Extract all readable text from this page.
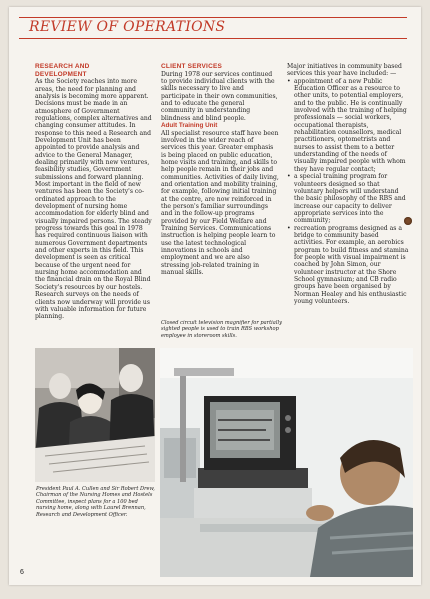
REVIEW OF OPERATIONS

RESEARCH AND

DEVELOPMENT

As the Society reaches into more areas, the need for planning and analysis is becoming more apparent. Decisions must be made in an atmosphere of Government regulations, complex alternatives and changing consumer attitudes. In response to this need a Research and Development Unit has been appointed to provide analysis and advice to the General Manager, dealing primarily with new ventures, feasibility studies, Government submissions and forward planning.

Most important in the field of new ventures has been the Society's co-ordinated approach to the development of nursing home accommodation for elderly blind and visually impaired persons. The steady progress towards this goal in 1978 has required continuous liaison with numerous Government departments and other experts in this field. This development is seen as critical because of the urgent need for nursing home accommodation and the financial drain on the Royal Blind Society's resources by our hostels. Research surveys on the needs of clients now underway will provide us with valuable information for future planning.

CLIENT SERVICES

During 1978 our services continued to provide individual clients with the skills necessary to live and participate in their own communities, and to educate the general community in understanding blindness and blind people.

Adult Training Unit

All specialist resource staff have been involved in the wider reach of services this year. Greater emphasis is being placed on public education, home visits and training, and skills to help people remain in their jobs and communities. Activities of daily living, and orientation and mobility training, for example, following initial training at the centre, are now reinforced in the person's familiar surroundings and in the follow-up programs provided by our Field Welfare and Training Services. Communications instruction is helping people learn to use the latest technological innovations in schools and employment and we are also stressing job-related training in manual skills.

Major initiatives in community based services this year have included: —

• appointment of a new Public Education Officer as a resource to other units, to potential employers, and to the public. He is continually involved with the training of helping professionals — social workers, occupational therapists, rehabilitation counsellors, medical practitioners, optometrists and nurses to assist them to a better understanding of the needs of visually impaired people with whom they have regular contact;
• a special training program for volunteers designed so that voluntary helpers will understand the basic philosophy of the RBS and increase our capacity to deliver appropriate services into the community;
• recreation programs designed as a bridge to community based activities. For example, an aerobics program to build fitness and stamina for people with visual impairment is coached by John Simon, our volunteer instructor at the Shore School gymnasium; and CB radio groups have been organised by Norman Healey and his enthusiastic young volunteers.
Closed circuit television magnifier for partially sighted people is used to train RBS workshop employee in storeroom skills.
President Paul A. Cullen and Sir Robert Drew, Chairman of the Nursing Homes and Hostels Committee, inspect plans for a 100 bed nursing home, along with Laurel Brennan, Research and Development Officer.
6
